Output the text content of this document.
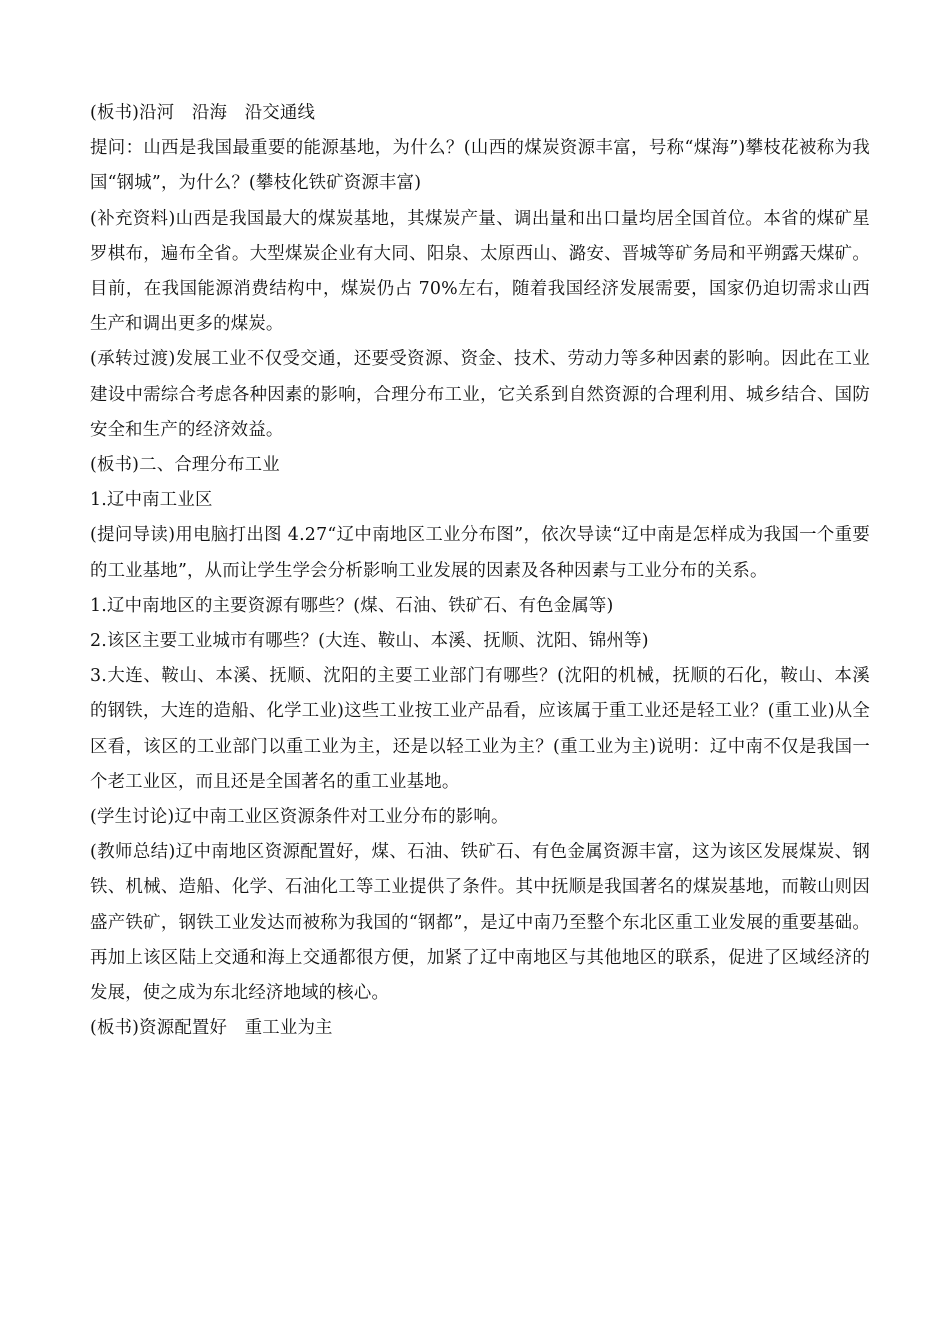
(板书)沿河　沿海　沿交通线

提问：山西是我国最重要的能源基地，为什么？(山西的煤炭资源丰富，号称“煤海”)攀枝花被称为我国“钢城”，为什么？(攀枝化铁矿资源丰富)

(补充资料)山西是我国最大的煤炭基地，其煤炭产量、调出量和出口量均居全国首位。本省的煤矿星罗棋布，遍布全省。大型煤炭企业有大同、阳泉、太原西山、潞安、晋城等矿务局和平朔露天煤矿。目前，在我国能源消费结构中，煤炭仍占 70%左右，随着我国经济发展需要，国家仍迫切需求山西生产和调出更多的煤炭。

(承转过渡)发展工业不仅受交通，还要受资源、资金、技术、劳动力等多种因素的影响。因此在工业建设中需综合考虑各种因素的影响，合理分布工业，它关系到自然资源的合理利用、城乡结合、国防安全和生产的经济效益。

(板书)二、合理分布工业

1.辽中南工业区

(提问导读)用电脑打出图 4.27“辽中南地区工业分布图”，依次导读“辽中南是怎样成为我国一个重要的工业基地”，从而让学生学会分析影响工业发展的因素及各种因素与工业分布的关系。

1.辽中南地区的主要资源有哪些？(煤、石油、铁矿石、有色金属等)

2.该区主要工业城市有哪些？(大连、鞍山、本溪、抚顺、沈阳、锦州等)

3.大连、鞍山、本溪、抚顺、沈阳的主要工业部门有哪些？(沈阳的机械，抚顺的石化，鞍山、本溪的钢铁，大连的造船、化学工业)这些工业按工业产品看，应该属于重工业还是轻工业？(重工业)从全区看，该区的工业部门以重工业为主，还是以轻工业为主？(重工业为主)说明：辽中南不仅是我国一个老工业区，而且还是全国著名的重工业基地。

(学生讨论)辽中南工业区资源条件对工业分布的影响。

(教师总结)辽中南地区资源配置好，煤、石油、铁矿石、有色金属资源丰富，这为该区发展煤炭、钢铁、机械、造船、化学、石油化工等工业提供了条件。其中抚顺是我国著名的煤炭基地，而鞍山则因盛产铁矿，钢铁工业发达而被称为我国的“钢都”，是辽中南乃至整个东北区重工业发展的重要基础。再加上该区陆上交通和海上交通都很方便，加紧了辽中南地区与其他地区的联系，促进了区域经济的发展，使之成为东北经济地域的核心。

(板书)资源配置好　重工业为主
